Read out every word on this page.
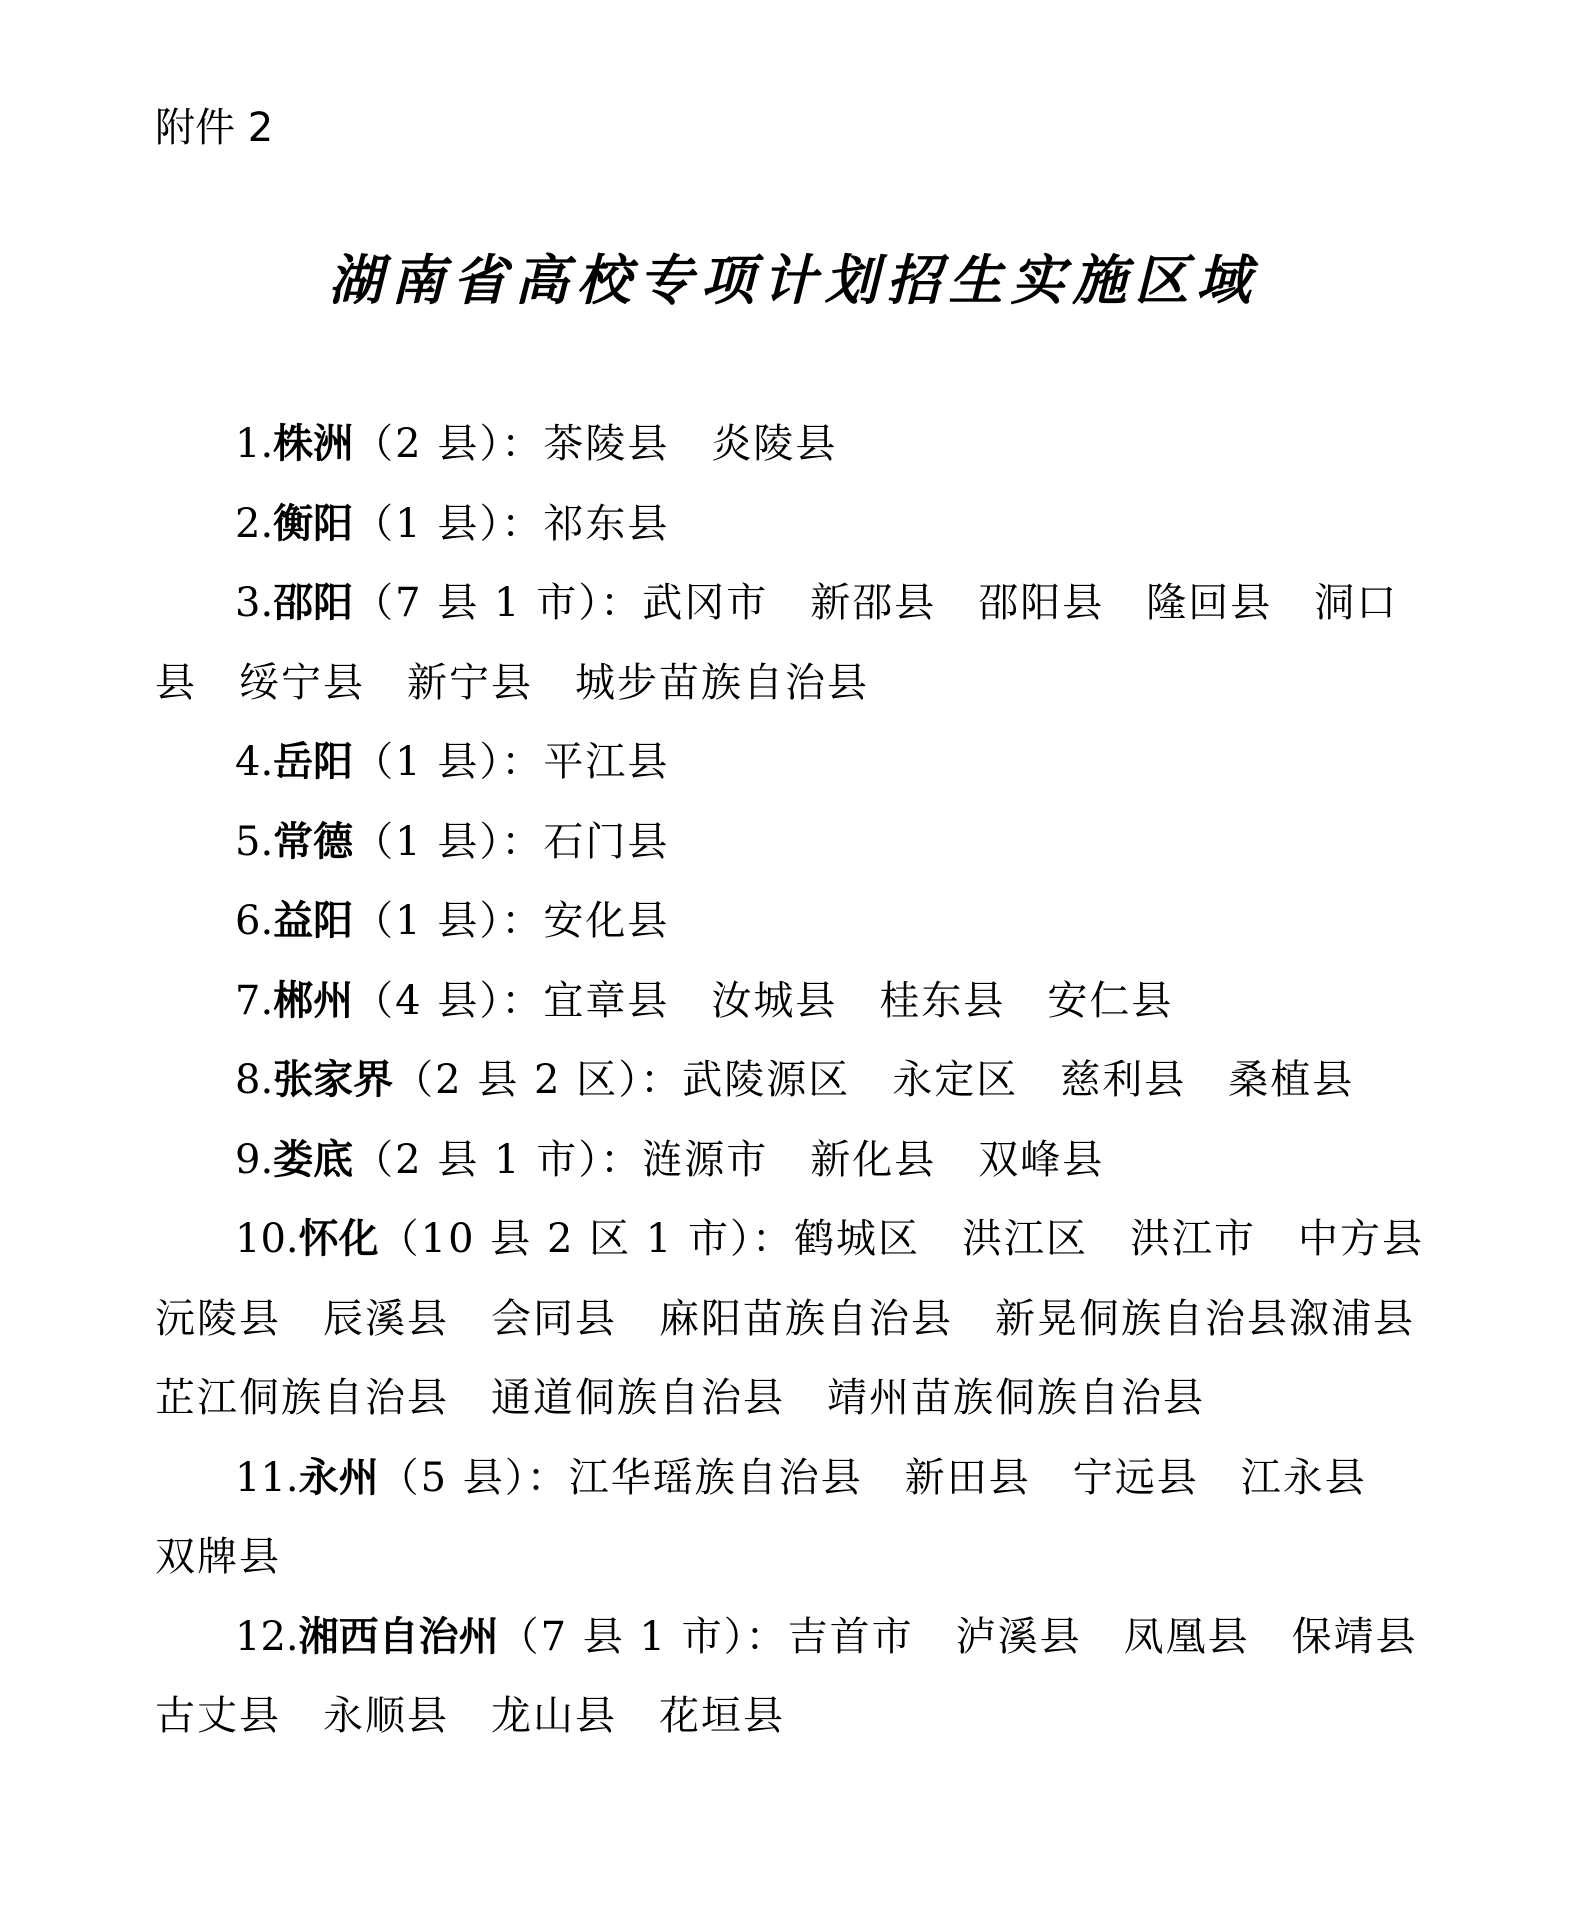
附件 2
湖南省高校专项计划招生实施区域

1.株洲（2 县）：茶陵县　炎陵县

2.衡阳（1 县）：祁东县

3.邵阳（7 县 1 市）：武冈市　新邵县　邵阳县　隆回县　洞口县　绥宁县　新宁县　城步苗族自治县

4.岳阳（1 县）：平江县

5.常德（1 县）：石门县

6.益阳（1 县）：安化县

7.郴州（4 县）：宜章县　汝城县　桂东县　安仁县

8.张家界（2 县 2 区）：武陵源区　永定区　慈利县　桑植县

9.娄底（2 县 1 市）：涟源市　新化县　双峰县

10.怀化（10 县 2 区 1 市）：鹤城区　洪江区　洪江市　中方县沅陵县　辰溪县　会同县　麻阳苗族自治县　新晃侗族自治县溆浦县　芷江侗族自治县　通道侗族自治县　靖州苗族侗族自治县

11.永州（5 县）：江华瑶族自治县　新田县　宁远县　江永县　双牌县

12.湘西自治州（7 县 1 市）：吉首市　泸溪县　凤凰县　保靖县　古丈县　永顺县　龙山县　花垣县
